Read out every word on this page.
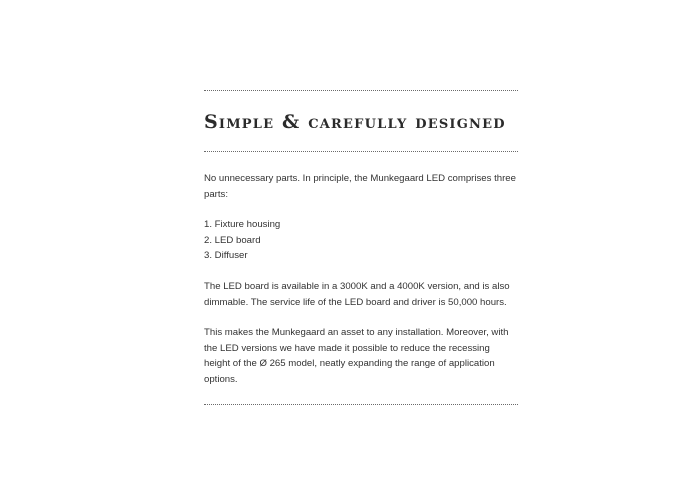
Simple & carefully designed

No unnecessary parts. In principle, the Munkegaard LED comprises three parts:

1. Fixture housing
2. LED board
3. Diffuser

The LED board is available in a 3000K and a 4000K version, and is also dimmable. The service life of the LED board and driver is 50,000 hours.

This makes the Munkegaard an asset to any installation. Moreover, with the LED versions we have made it possible to reduce the recessing height of the Ø 265 model, neatly expanding the range of application options.
